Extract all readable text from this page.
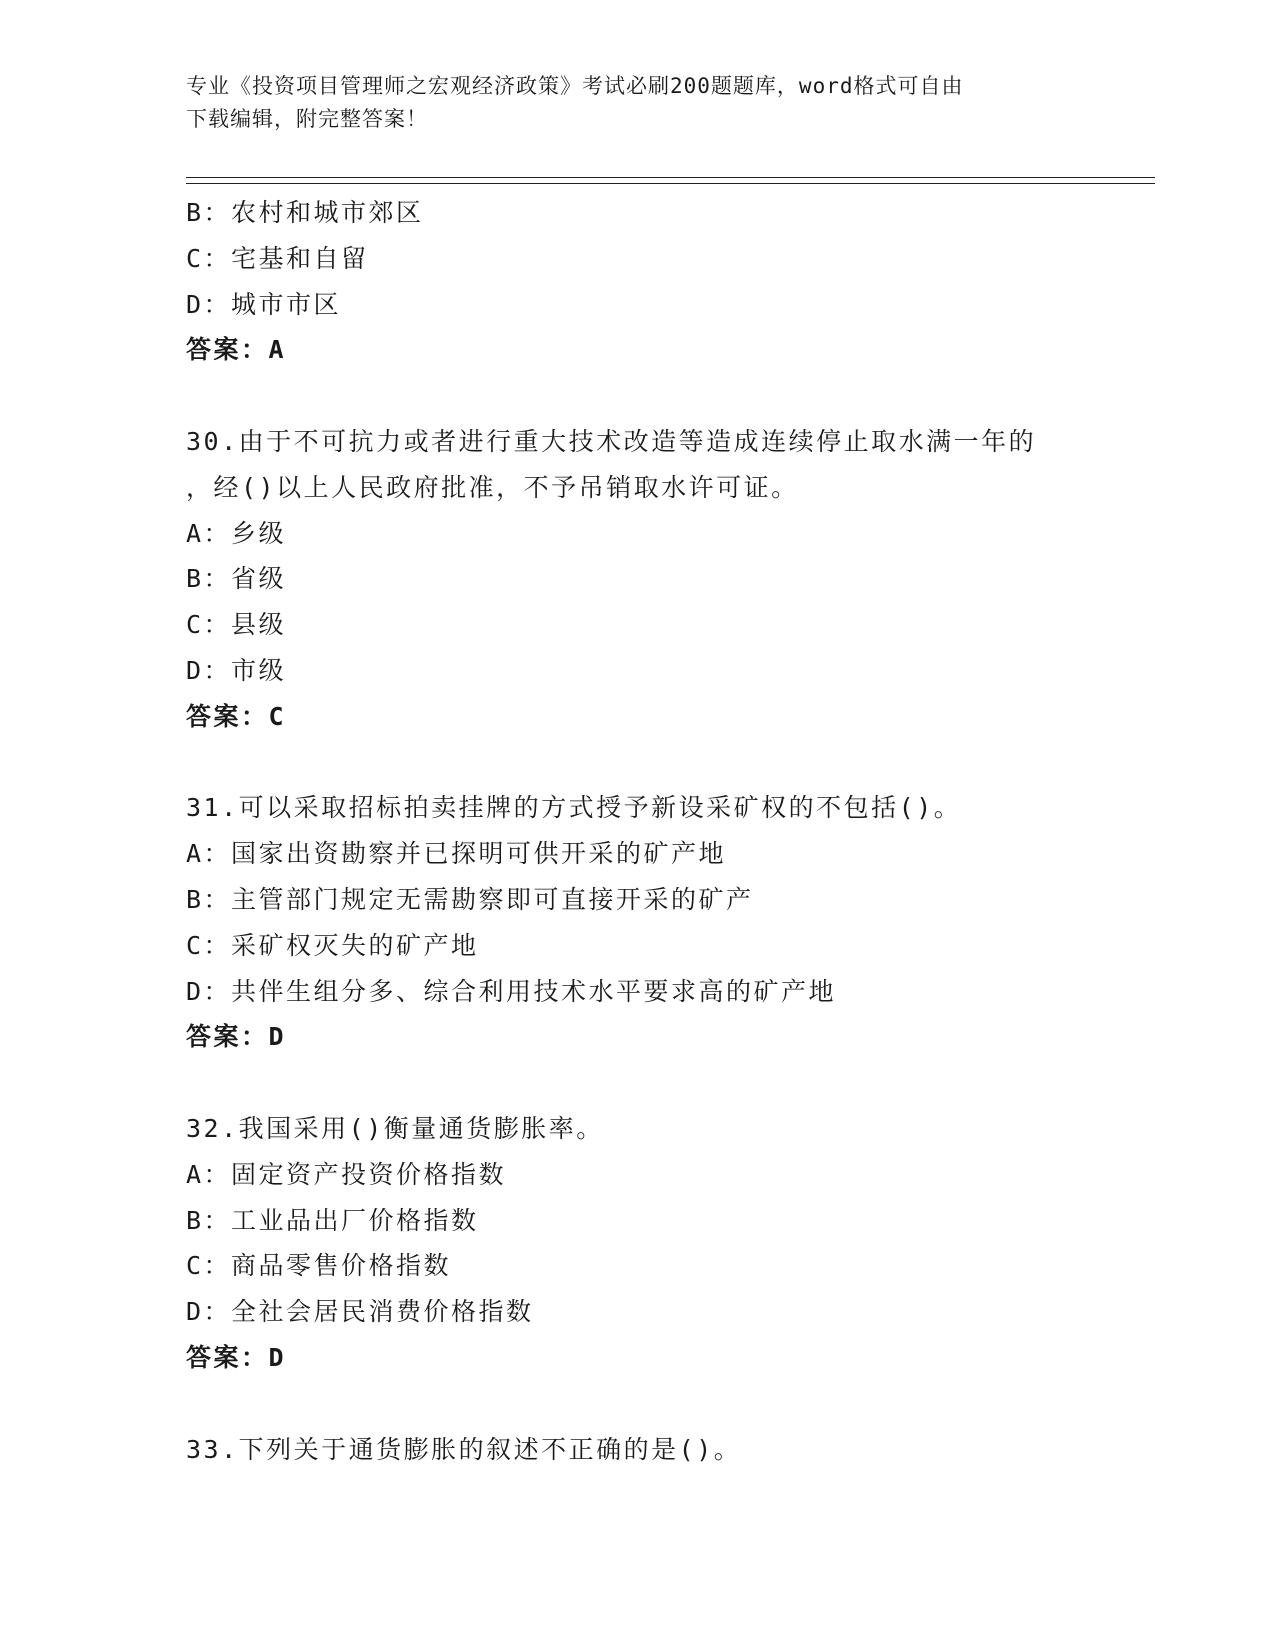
专业《投资项目管理师之宏观经济政策》考试必刷200题题库，word格式可自由
下载编辑，附完整答案！
B：农村和城市郊区
C：宅基和自留
D：城市市区
答案：A
30.由于不可抗力或者进行重大技术改造等造成连续停止取水满一年的
，经()以上人民政府批准，不予吊销取水许可证。
A：乡级
B：省级
C：县级
D：市级
答案：C
31.可以采取招标拍卖挂牌的方式授予新设采矿权的不包括()。
A：国家出资勘察并已探明可供开采的矿产地
B：主管部门规定无需勘察即可直接开采的矿产
C：采矿权灭失的矿产地
D：共伴生组分多、综合利用技术水平要求高的矿产地
答案：D
32.我国采用()衡量通货膨胀率。
A：固定资产投资价格指数
B：工业品出厂价格指数
C：商品零售价格指数
D：全社会居民消费价格指数
答案：D
33.下列关于通货膨胀的叙述不正确的是()。
